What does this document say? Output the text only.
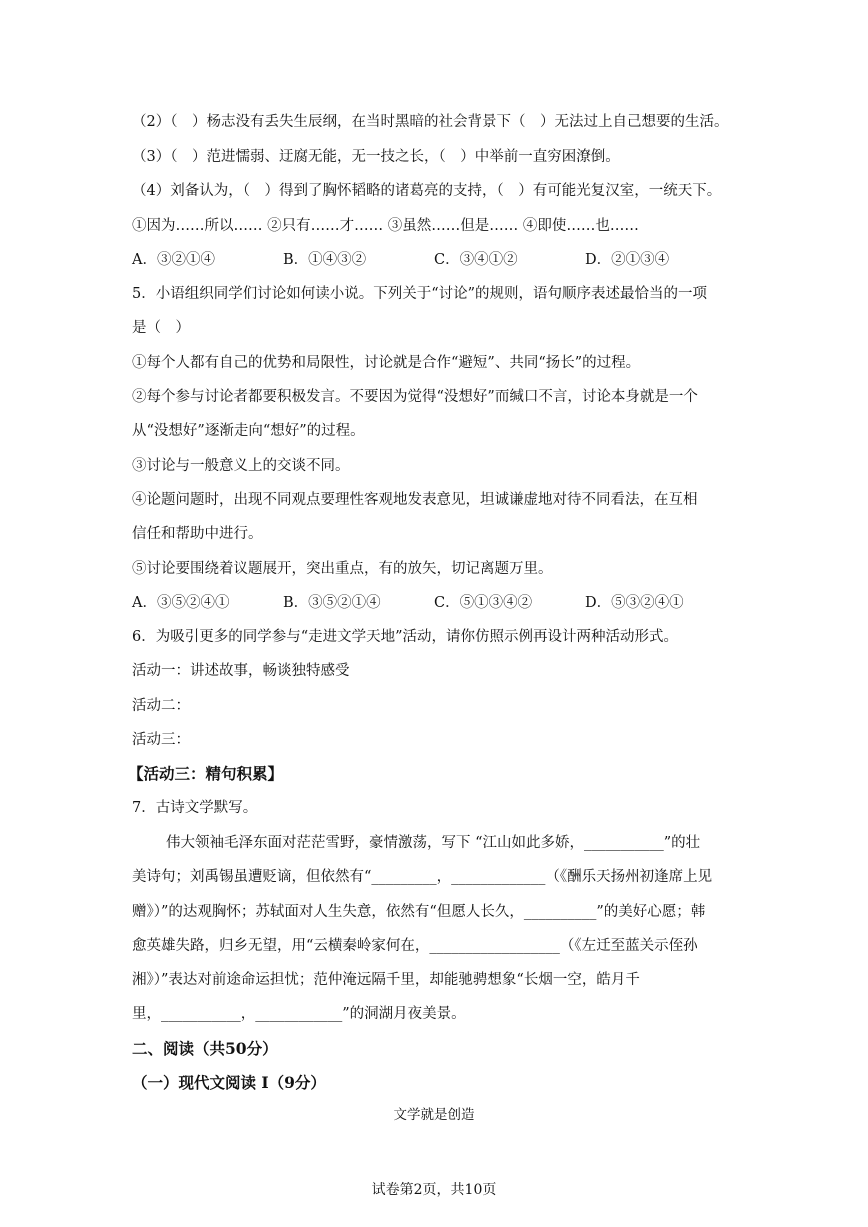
（2）（　）杨志没有丢失生辰纲，在当时黑暗的社会背景下（　）无法过上自己想要的生活。
（3）（　）范进懦弱、迂腐无能，无一技之长，（　）中举前一直穷困潦倒。
（4）刘备认为，（　）得到了胸怀韬略的诸葛亮的支持，（　）有可能光复汉室，一统天下。
①因为……所以…… ②只有……才…… ③虽然……但是…… ④即使……也……
A．③②①④	B．①④③②	C．③④①②	D．②①③④
5．小语组织同学们讨论如何读小说。下列关于“讨论”的规则，语句顺序表述最恰当的一项
是（　）
①每个人都有自己的优势和局限性，讨论就是合作“避短”、共同“扬长”的过程。
②每个参与讨论者都要积极发言。不要因为觉得“没想好”而缄口不言，讨论本身就是一个
从“没想好”逐渐走向“想好”的过程。
③讨论与一般意义上的交谈不同。
④论题问题时，出现不同观点要理性客观地发表意见，坦诚谦虚地对待不同看法，在互相
信任和帮助中进行。
⑤讨论要围绕着议题展开，突出重点，有的放矢，切记离题万里。
A．③⑤②④①	B．③⑤②①④	C．⑤①③④②	D．⑤③②④①
6．为吸引更多的同学参与“走进文学天地”活动，请你仿照示例再设计两种活动形式。
活动一：讲述故事，畅谈独特感受
活动二：
活动三：
【活动三：精句积累】
7．古诗文学默写。
伟大领袖毛泽东面对茫茫雪野，豪情激荡，写下 “江山如此多娇，___________”的壮
美诗句；刘禹锡虽遭贬谪，但依然有“_________，_____________（《酬乐天扬州初逢席上见
赠》）”的达观胸怀；苏轼面对人生失意，依然有“但愿人长久，__________”的美好心愿；韩
愈英雄失路，归乡无望，用“云横秦岭家何在，__________________（《左迁至蓝关示侄孙
湘》）”表达对前途命运担忧；范仲淹远隔千里，却能驰骋想象“长烟一空，皓月千
里，___________，____________”的洞湖月夜美景。
二、阅读（共50分）
（一）现代文阅读 Ⅰ（9分）
文学就是创造
试卷第2页，共10页
